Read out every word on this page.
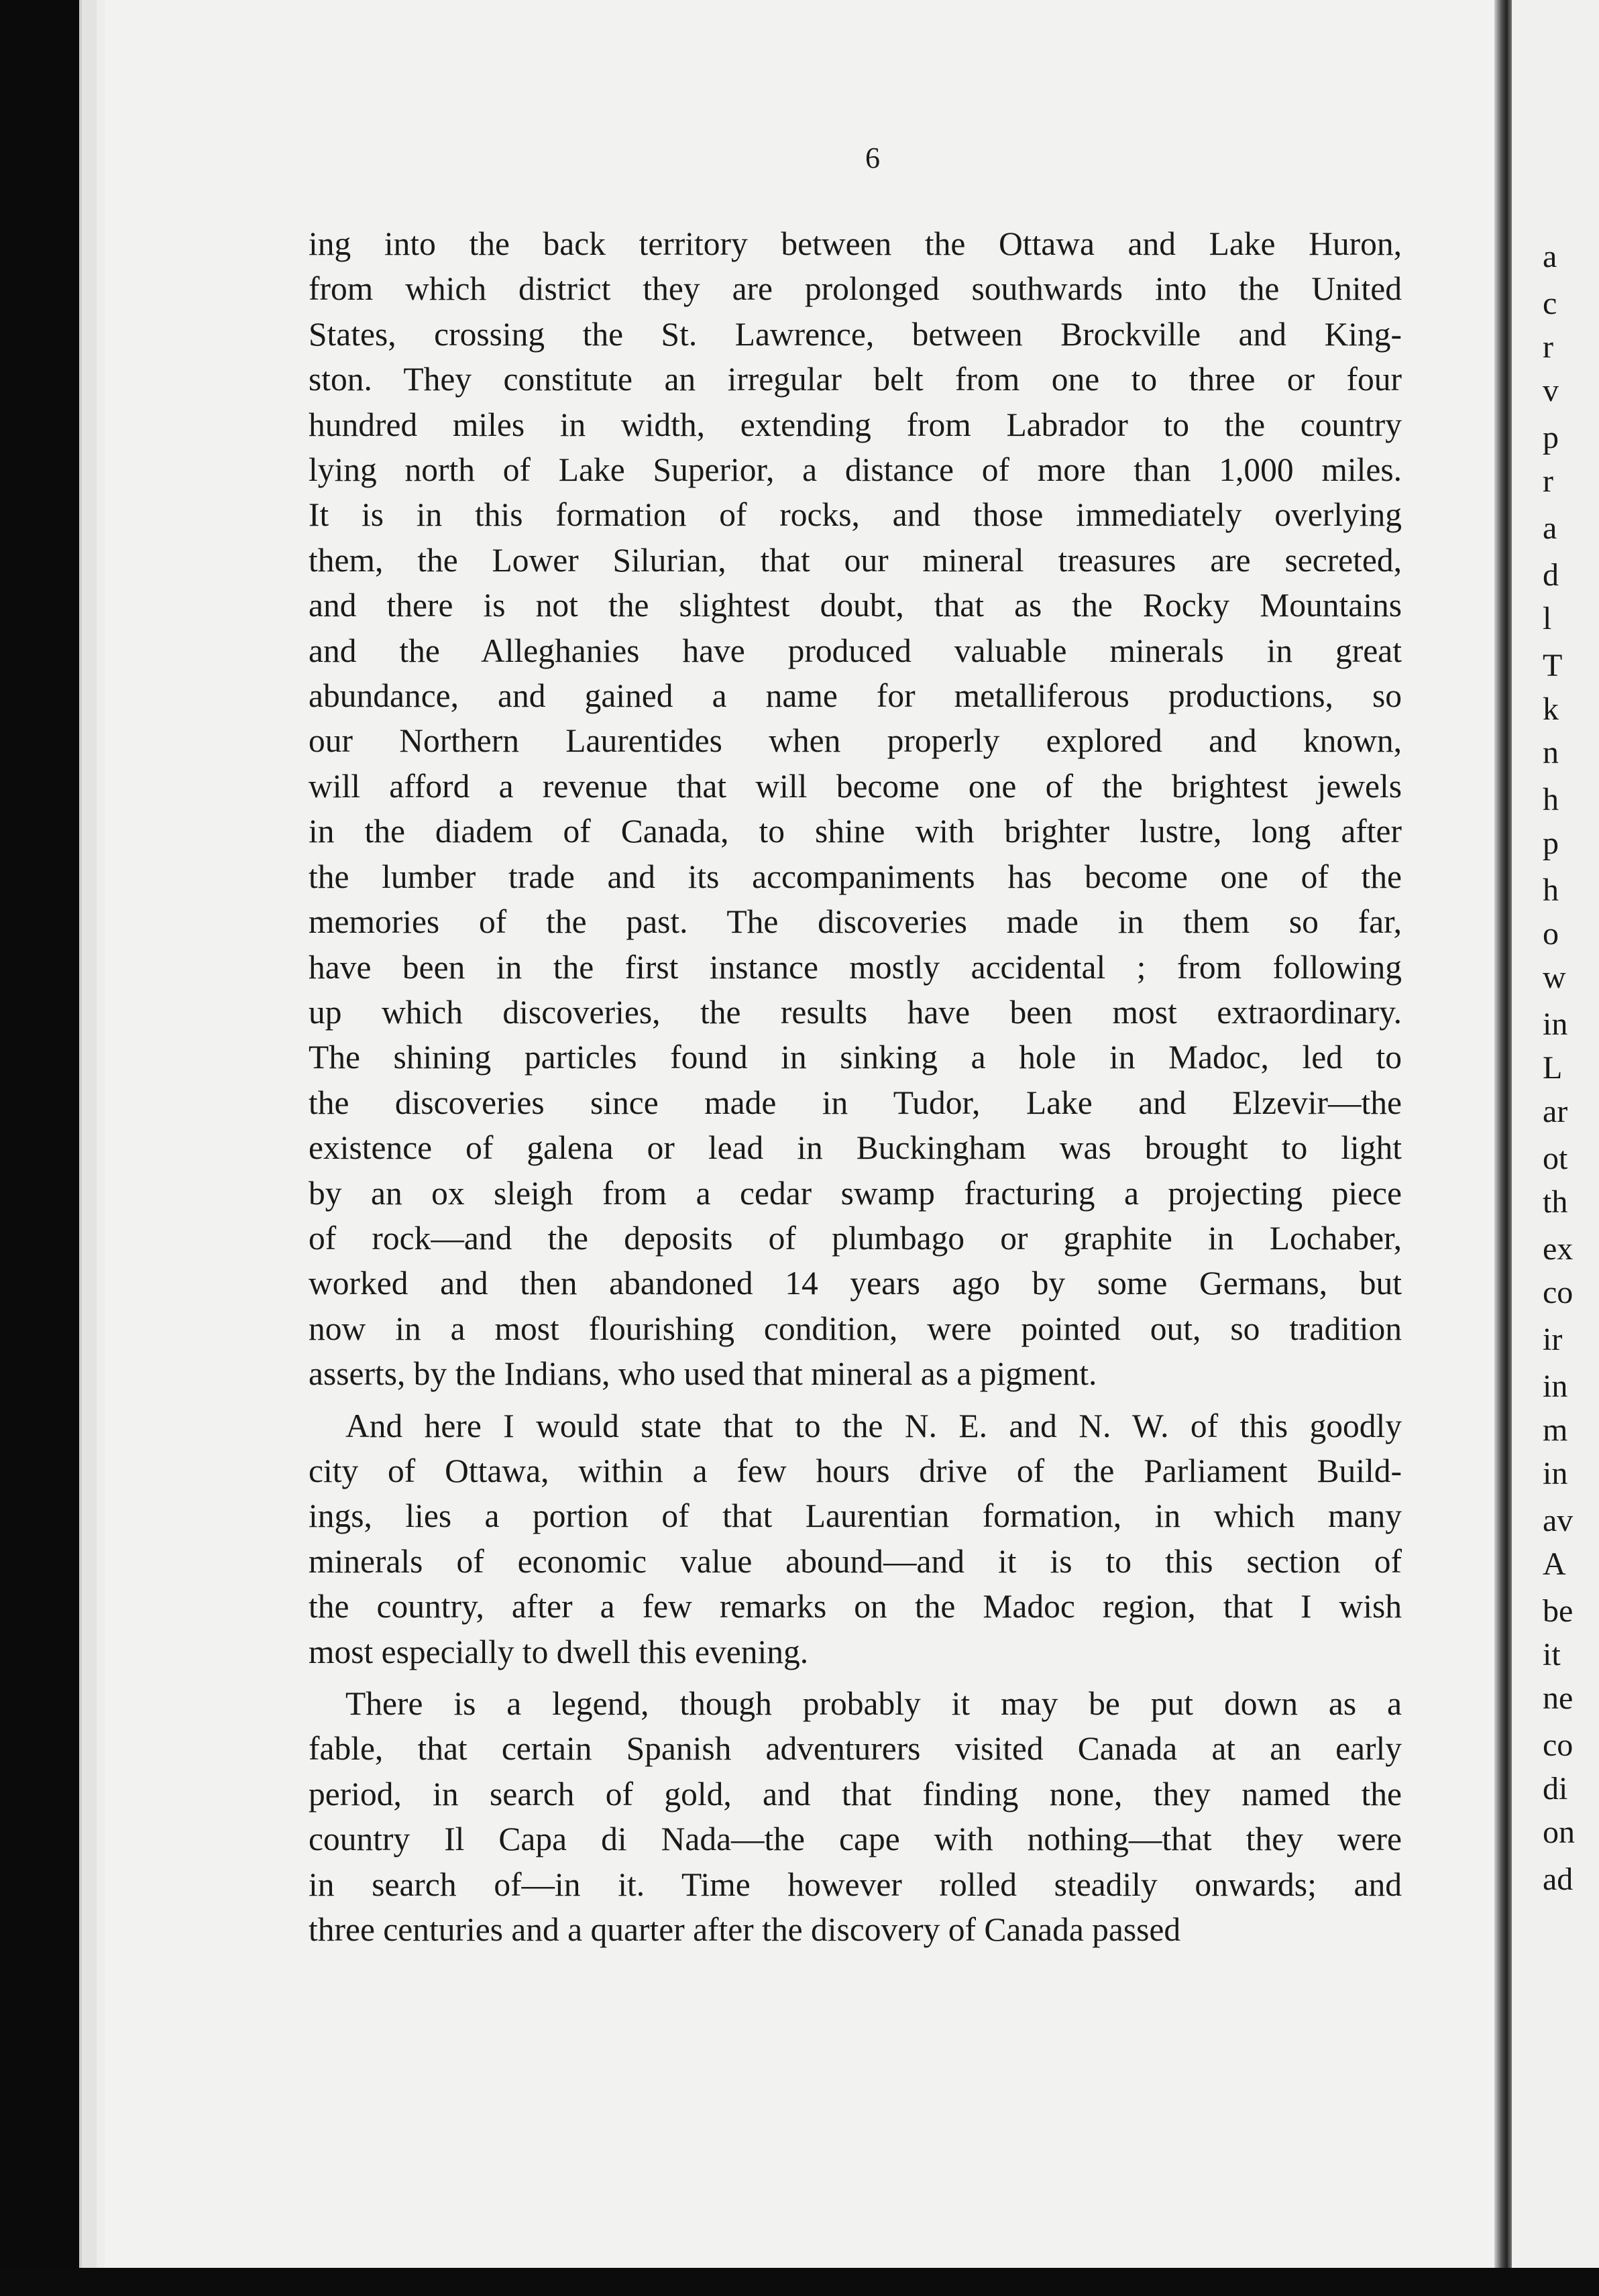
6
ing into the back territory between the Ottawa and Lake Huron,
from which district they are prolonged southwards into the United
States, crossing the St. Lawrence, between Brockville and King-
ston. They constitute an irregular belt from one to three or four
hundred miles in width, extending from Labrador to the country
lying north of Lake Superior, a distance of more than 1,000 miles.
It is in this formation of rocks, and those immediately overlying
them, the Lower Silurian, that our mineral treasures are secreted,
and there is not the slightest doubt, that as the Rocky Mountains
and the Alleghanies have produced valuable minerals in great
abundance, and gained a name for metalliferous productions, so
our Northern Laurentides when properly explored and known,
will afford a revenue that will become one of the brightest jewels
in the diadem of Canada, to shine with brighter lustre, long after
the lumber trade and its accompaniments has become one of the
memories of the past. The discoveries made in them so far,
have been in the first instance mostly accidental ; from following
up which discoveries, the results have been most extraordinary.
The shining particles found in sinking a hole in Madoc, led to
the discoveries since made in Tudor, Lake and Elzevir—the
existence of galena or lead in Buckingham was brought to light
by an ox sleigh from a cedar swamp fracturing a projecting piece
of rock—and the deposits of plumbago or graphite in Lochaber,
worked and then abandoned 14 years ago by some Germans, but
now in a most flourishing condition, were pointed out, so tradition
asserts, by the Indians, who used that mineral as a pigment.
And here I would state that to the N. E. and N. W. of this goodly
city of Ottawa, within a few hours drive of the Parliament Build-
ings, lies a portion of that Laurentian formation, in which many
minerals of economic value abound—and it is to this section of
the country, after a few remarks on the Madoc region, that I wish
most especially to dwell this evening.
There is a legend, though probably it may be put down as a
fable, that certain Spanish adventurers visited Canada at an early
period, in search of gold, and that finding none, they named the
country Il Capa di Nada—the cape with nothing—that they were
in search of—in it. Time however rolled steadily onwards; and
three centuries and a quarter after the discovery of Canada passed
a
c
r
v
p
r
a
d
l
T
k
n
h
p
h
o
w
in
L
ar
ot
th
ex
co
ir
in
m
in
av
A
be
it
ne
co
di
on
ad
